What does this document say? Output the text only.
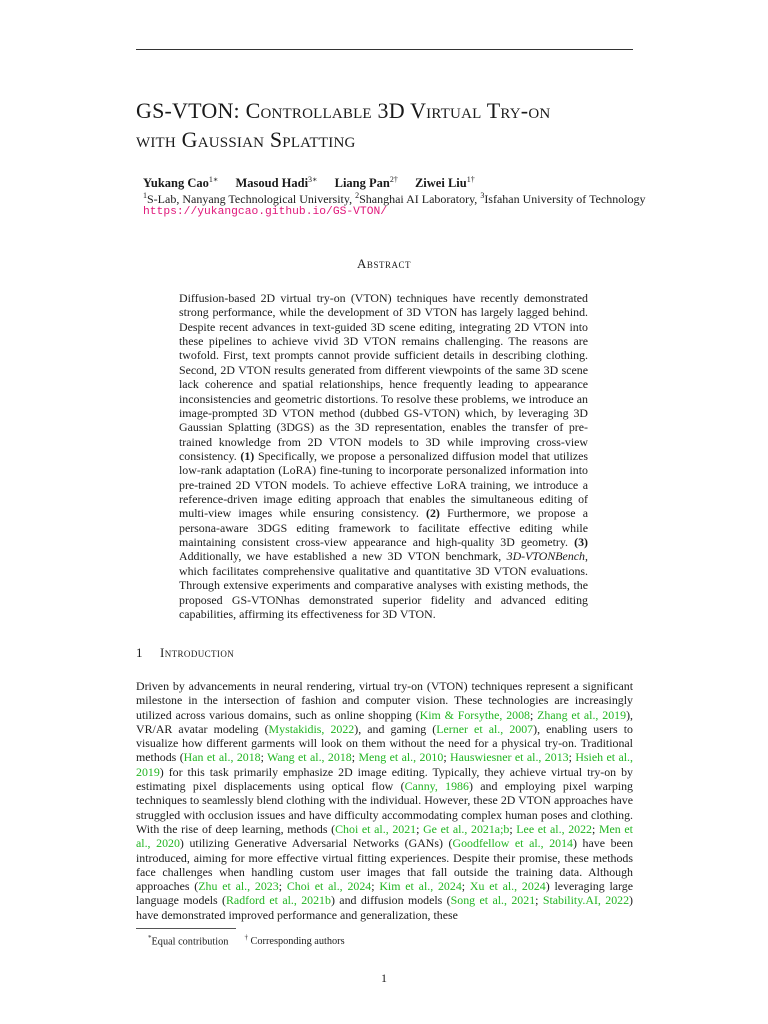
GS-VTON: Controllable 3D Virtual Try-on
with Gaussian Splatting
Yukang Cao$^{1∗}$ Masoud Hadi$^{3∗}$ Liang Pan$^{2\dagger}$ Ziwei Liu$^{1\dagger}$
$^1$S-Lab, Nanyang Technological University, $^2$Shanghai AI Laboratory, $^3$Isfahan University of Technology
https://yukangcao.github.io/GS-VTON/
Abstract
Diffusion-based 2D virtual try-on (VTON) techniques have recently demonstrated strong performance, while the development of 3D VTON has largely lagged behind. Despite recent advances in text-guided 3D scene editing, integrating 2D VTON into these pipelines to achieve vivid 3D VTON remains challenging. The reasons are twofold. First, text prompts cannot provide sufficient details in describing clothing. Second, 2D VTON results generated from different viewpoints of the same 3D scene lack coherence and spatial relationships, hence frequently leading to appearance inconsistencies and geometric distortions. To resolve these problems, we introduce an image-prompted 3D VTON method (dubbed GS-VTON) which, by leveraging 3D Gaussian Splatting (3DGS) as the 3D representation, enables the transfer of pre-trained knowledge from 2D VTON models to 3D while improving cross-view consistency. (1) Specifically, we propose a personalized diffusion model that utilizes low-rank adaptation (LoRA) fine-tuning to incorporate personalized information into pre-trained 2D VTON models. To achieve effective LoRA training, we introduce a reference-driven image editing approach that enables the simultaneous editing of multi-view images while ensuring consistency. (2) Furthermore, we propose a persona-aware 3DGS editing framework to facilitate effective editing while maintaining consistent cross-view appearance and high-quality 3D geometry. (3) Additionally, we have established a new 3D VTON benchmark, 3D-VTONBench, which facilitates comprehensive qualitative and quantitative 3D VTON evaluations. Through extensive experiments and comparative analyses with existing methods, the proposed GS-VTONhas demonstrated superior fidelity and advanced editing capabilities, affirming its effectiveness for 3D VTON.
1 Introduction
Driven by advancements in neural rendering, virtual try-on (VTON) techniques represent a significant milestone in the intersection of fashion and computer vision. These technologies are increasingly utilized across various domains, such as online shopping (Kim & Forsythe, 2008; Zhang et al., 2019), VR/AR avatar modeling (Mystakidis, 2022), and gaming (Lerner et al., 2007), enabling users to visualize how different garments will look on them without the need for a physical try-on. Traditional methods (Han et al., 2018; Wang et al., 2018; Meng et al., 2010; Hauswiesner et al., 2013; Hsieh et al., 2019) for this task primarily emphasize 2D image editing. Typically, they achieve virtual try-on by estimating pixel displacements using optical flow (Canny, 1986) and employing pixel warping techniques to seamlessly blend clothing with the individual. However, these 2D VTON approaches have struggled with occlusion issues and have difficulty accommodating complex human poses and clothing. With the rise of deep learning, methods (Choi et al., 2021; Ge et al., 2021a;b; Lee et al., 2022; Men et al., 2020) utilizing Generative Adversarial Networks (GANs) (Goodfellow et al., 2014) have been introduced, aiming for more effective virtual fitting experiences. Despite their promise, these methods face challenges when handling custom user images that fall outside the training data. Although approaches (Zhu et al., 2023; Choi et al., 2024; Kim et al., 2024; Xu et al., 2024) leveraging large language models (Radford et al., 2021b) and diffusion models (Song et al., 2021; Stability.AI, 2022) have demonstrated improved performance and generalization, these
*Equal contribution † Corresponding authors
1
